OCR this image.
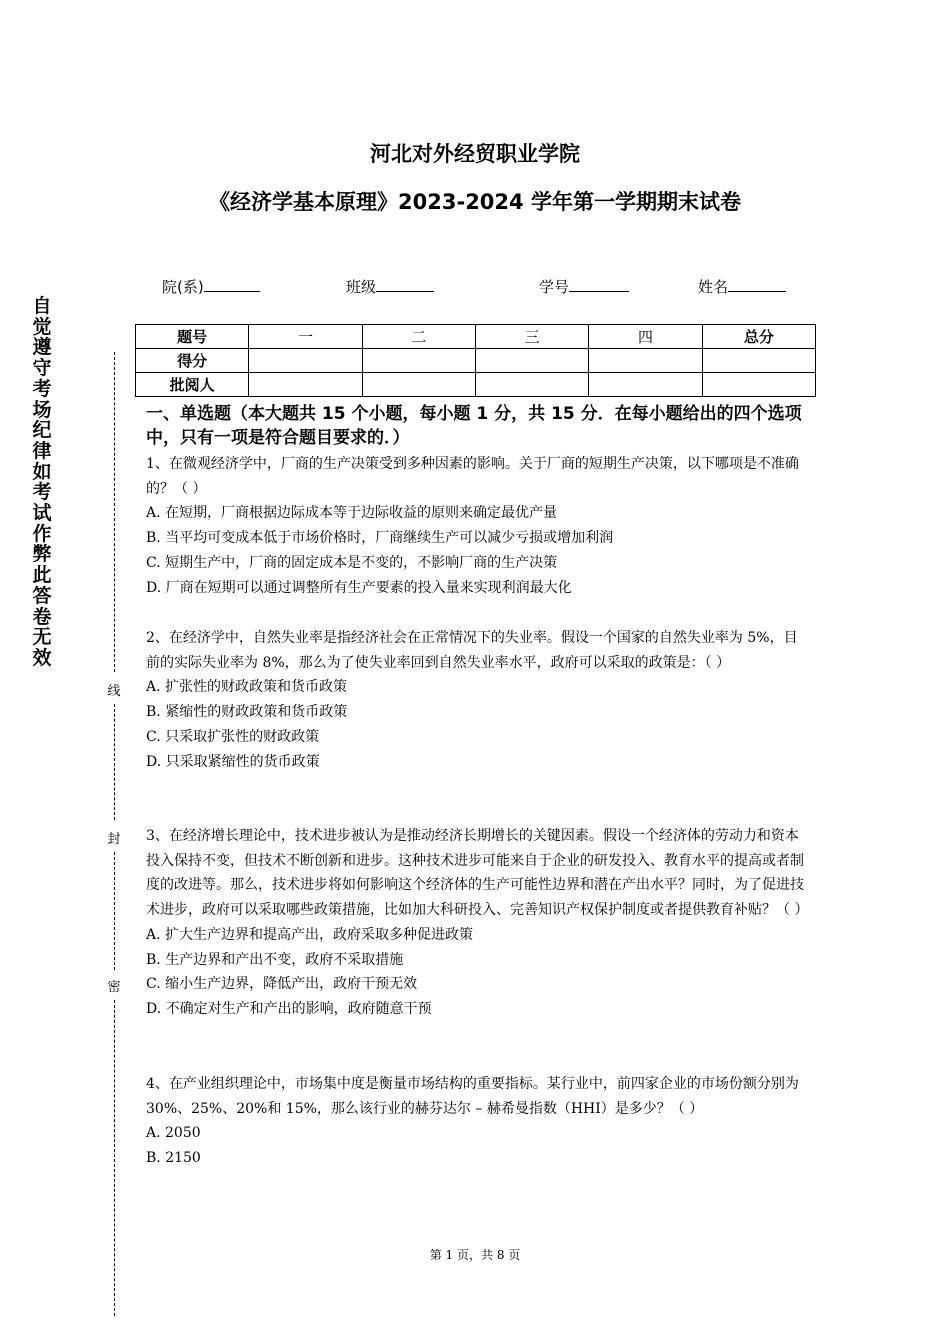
河北对外经贸职业学院
《经济学基本原理》2023-2024 学年第一学期期末试卷
院(系)	班级	学号	姓名
题号	一	二	三	四	总分
得分					
批阅人					
自觉遵守考场纪律如考试作弊此答卷无效
线
封
密
一、单选题（本大题共 15 个小题，每小题 1 分，共 15 分．在每小题给出的四个选项中，只有一项是符合题目要求的．）

1、在微观经济学中，厂商的生产决策受到多种因素的影响。关于厂商的短期生产决策，以下哪项是不准确的？（ ）

A. 在短期，厂商根据边际成本等于边际收益的原则来确定最优产量
B. 当平均可变成本低于市场价格时，厂商继续生产可以减少亏损或增加利润
C. 短期生产中，厂商的固定成本是不变的，不影响厂商的生产决策
D. 厂商在短期可以通过调整所有生产要素的投入量来实现利润最大化

2、在经济学中，自然失业率是指经济社会在正常情况下的失业率。假设一个国家的自然失业率为 5%，目前的实际失业率为 8%，那么为了使失业率回到自然失业率水平，政府可以采取的政策是：（ ）

A. 扩张性的财政政策和货币政策
B. 紧缩性的财政政策和货币政策
C. 只采取扩张性的财政政策
D. 只采取紧缩性的货币政策

3、在经济增长理论中，技术进步被认为是推动经济长期增长的关键因素。假设一个经济体的劳动力和资本投入保持不变，但技术不断创新和进步。这种技术进步可能来自于企业的研发投入、教育水平的提高或者制度的改进等。那么，技术进步将如何影响这个经济体的生产可能性边界和潜在产出水平？同时，为了促进技术进步，政府可以采取哪些政策措施，比如加大科研投入、完善知识产权保护制度或者提供教育补贴？（ ）

A. 扩大生产边界和提高产出，政府采取多种促进政策
B. 生产边界和产出不变，政府不采取措施
C. 缩小生产边界，降低产出，政府干预无效
D. 不确定对生产和产出的影响，政府随意干预

4、在产业组织理论中，市场集中度是衡量市场结构的重要指标。某行业中，前四家企业的市场份额分别为 30%、25%、20%和 15%，那么该行业的赫芬达尔 – 赫希曼指数（HHI）是多少？（ ）

A. 2050
B. 2150
第 1 页，共 8 页
